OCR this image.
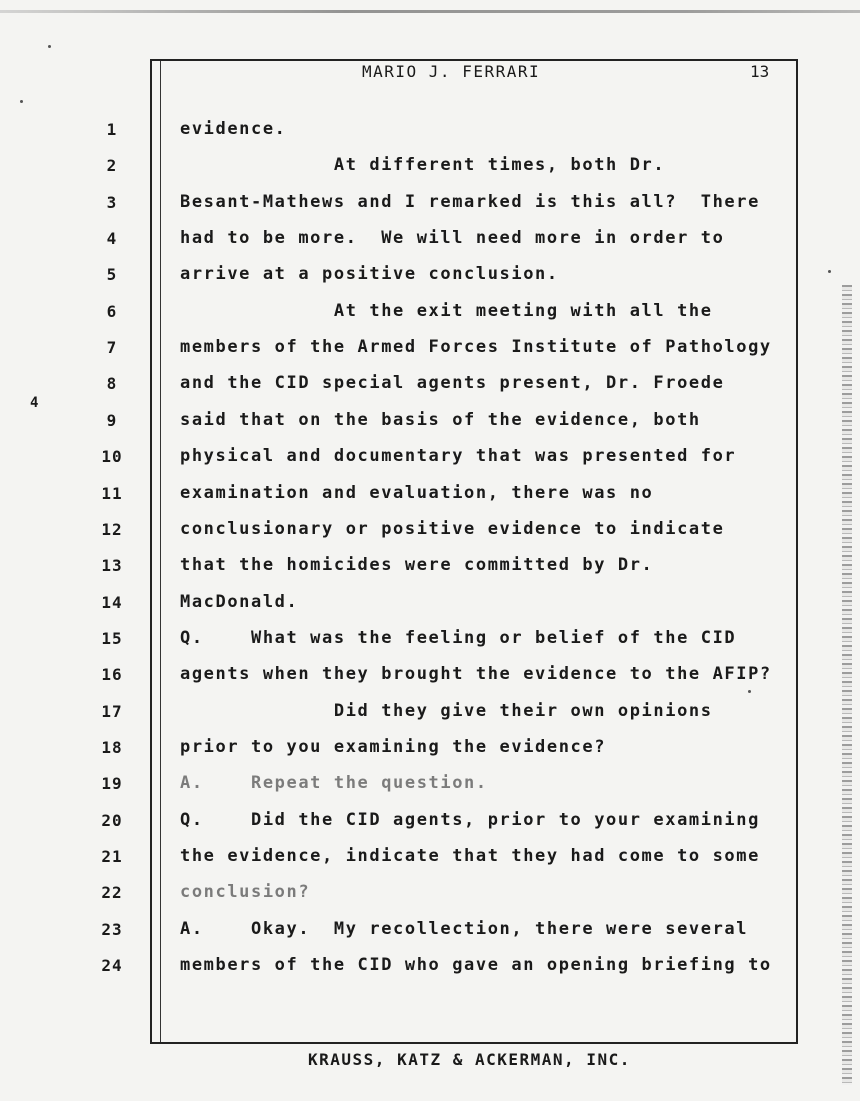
MARIO J. FERRARI	13
4
1	evidence.
2	At different times, both Dr.
3	Besant-Mathews and I remarked is this all?  There
4	had to be more.  We will need more in order to
5	arrive at a positive conclusion.
6	At the exit meeting with all the
7	members of the Armed Forces Institute of Pathology
8	and the CID special agents present, Dr. Froede
9	said that on the basis of the evidence, both
10	physical and documentary that was presented for
11	examination and evaluation, there was no
12	conclusionary or positive evidence to indicate
13	that the homicides were committed by Dr.
14	MacDonald.
15	Q.    What was the feeling or belief of the CID
16	agents when they brought the evidence to the AFIP?
17	Did they give their own opinions
18	prior to you examining the evidence?
19	A.    Repeat the question.
20	Q.    Did the CID agents, prior to your examining
21	the evidence, indicate that they had come to some
22	conclusion?
23	A.    Okay.  My recollection, there were several
24	members of the CID who gave an opening briefing to
KRAUSS, KATZ & ACKERMAN, INC.
